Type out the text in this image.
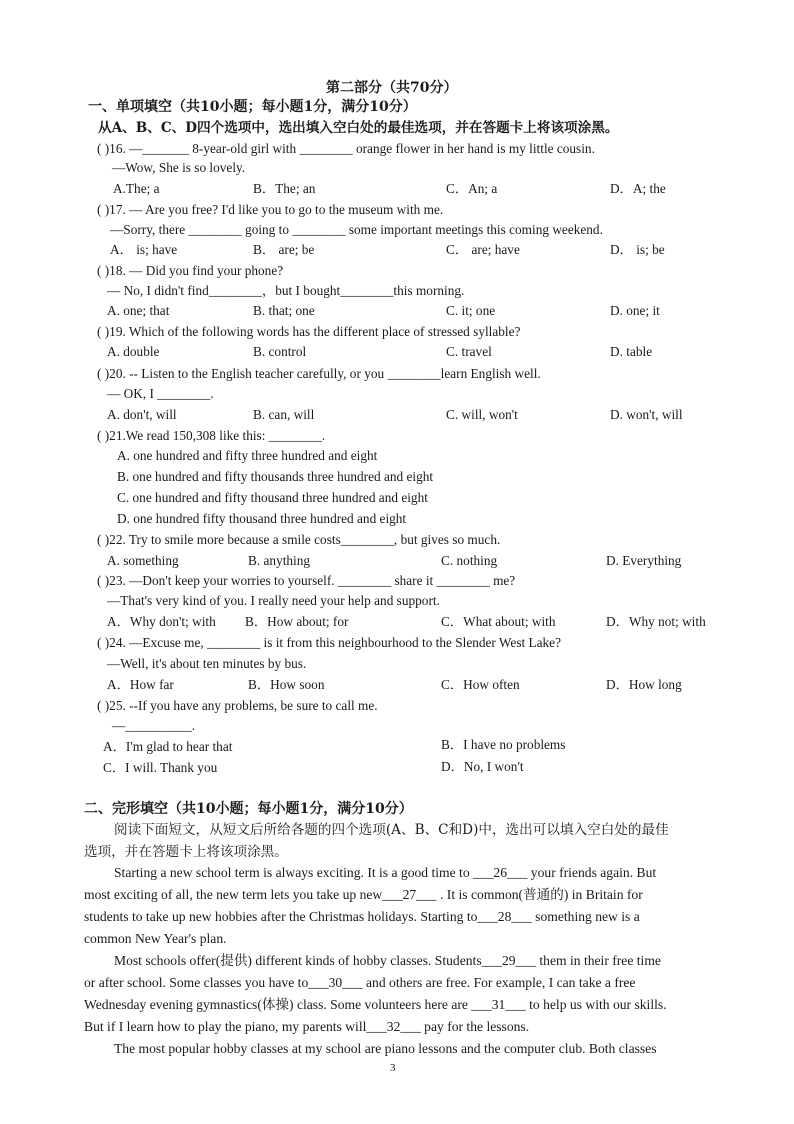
第二部分（共70分）
一、单项填空（共10小题；每小题1分，满分10分）
从A、B、C、D四个选项中，选出填入空白处的最佳选项，并在答题卡上将该项涂黑。
( )16. —_______ 8-year-old girl with ________ orange flower in her hand is my little cousin.
—Wow, She is so lovely.
A.The; a	B．The; an	C．An; a	D．A; the
( )17. — Are you free? I'd like you to go to the museum with me.
—Sorry, there ________ going to ________ some important meetings this coming weekend.
A． is; have	B． are; be	C． are; have	D． is; be
( )18. — Did you find your phone?
— No, I didn't find________，but I bought________this morning.
A. one; that	B. that; one	C. it; one	D. one; it
( )19. Which of the following words has the different place of stressed syllable?
A. double	B. control	C. travel	D. table
( )20. -- Listen to the English teacher carefully, or you ________learn English well.
— OK, I ________.
A. don't, will	B. can, will	C. will, won't	D. won't, will
( )21.We read 150,308 like this: ________.
A. one hundred and fifty three hundred and eight
B. one hundred and fifty thousands three hundred and eight
C. one hundred and fifty thousand three hundred and eight
D. one hundred fifty thousand three hundred and eight
( )22. Try to smile more because a smile costs________, but gives so much.
A. something	B. anything	C. nothing	D. Everything
( )23. —Don't keep your worries to yourself. ________ share it ________ me?
—That's very kind of you. I really need your help and support.
A．Why don't; with B．How about; for	C．What about; with	D．Why not; with
( )24. —Excuse me, ________ is it from this neighbourhood to the Slender West Lake?
—Well, it's about ten minutes by bus.
A．How far	B．How soon	C．How often	D．How long
( )25. --If you have any problems, be sure to call me.
—__________.
A．I'm glad to hear that	B．I have no problems
C．I will. Thank you	D．No, I won't
二、完形填空（共10小题；每小题1分，满分10分）
阅读下面短文，从短文后所给各题的四个选项(A、B、C和D)中，选出可以填入空白处的最佳
选项，并在答题卡上将该项涂黑。
Starting a new school term is always exciting. It is a good time to ___26___ your friends again. But
most exciting of all, the new term lets you take up new___27___ . It is common(普通的) in Britain for
students to take up new hobbies after the Christmas holidays. Starting to___28___ something new is a
common New Year's plan.
Most schools offer(提供) different kinds of hobby classes. Students___29___ them in their free time
or after school. Some classes you have to___30___ and others are free. For example, I can take a free
Wednesday evening gymnastics(体操) class. Some volunteers here are ___31___ to help us with our skills.
But if I learn how to play the piano, my parents will___32___ pay for the lessons.
The most popular hobby classes at my school are piano lessons and the computer club. Both classes
3
